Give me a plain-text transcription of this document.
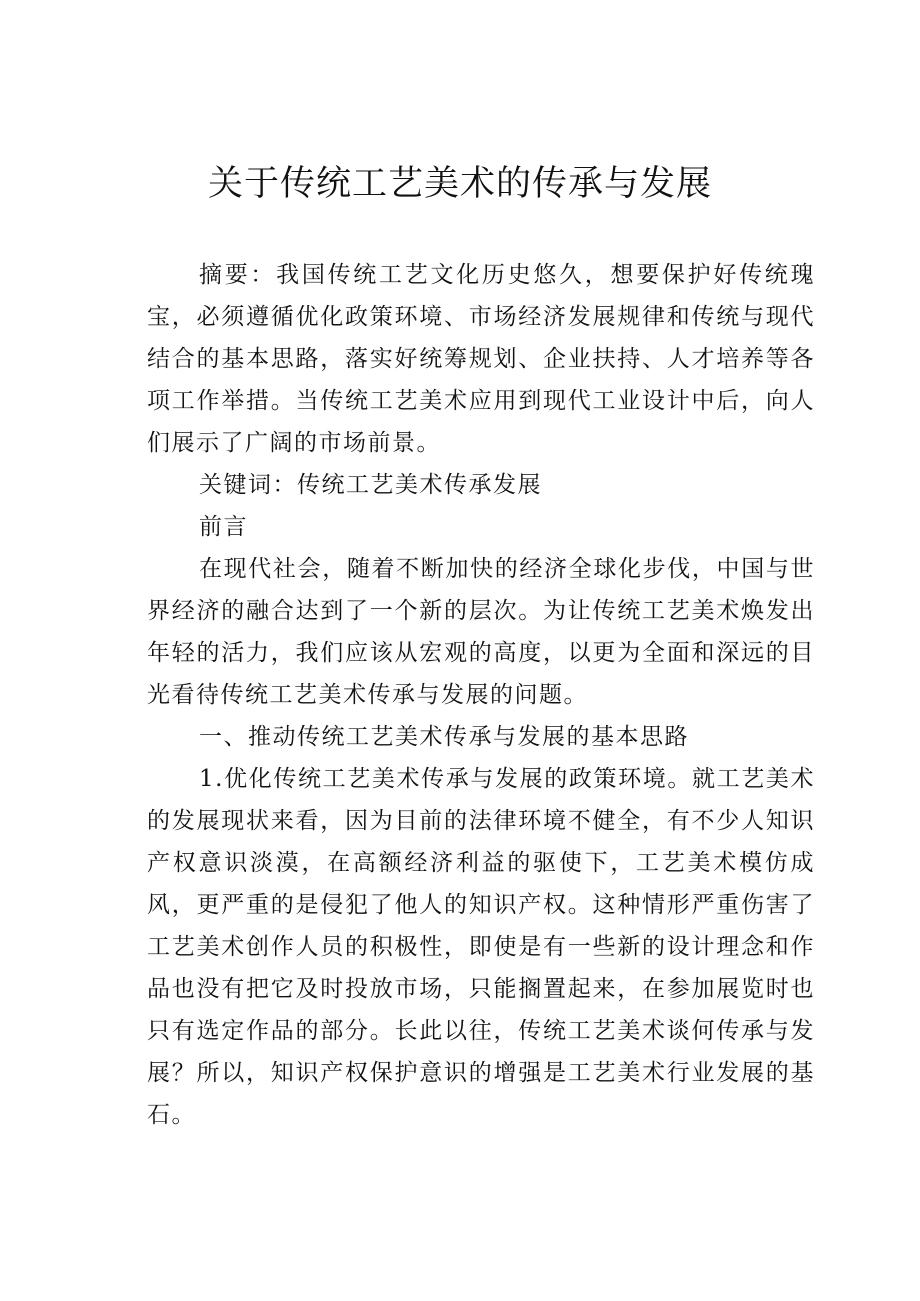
关于传统工艺美术的传承与发展

摘要：我国传统工艺文化历史悠久，想要保护好传统瑰宝，必须遵循优化政策环境、市场经济发展规律和传统与现代结合的基本思路，落实好统筹规划、企业扶持、人才培养等各项工作举措。当传统工艺美术应用到现代工业设计中后，向人们展示了广阔的市场前景。

关键词：传统工艺美术传承发展

前言

在现代社会，随着不断加快的经济全球化步伐，中国与世界经济的融合达到了一个新的层次。为让传统工艺美术焕发出年轻的活力，我们应该从宏观的高度，以更为全面和深远的目光看待传统工艺美术传承与发展的问题。

一、推动传统工艺美术传承与发展的基本思路

1.优化传统工艺美术传承与发展的政策环境。就工艺美术的发展现状来看，因为目前的法律环境不健全，有不少人知识产权意识淡漠，在高额经济利益的驱使下，工艺美术模仿成风，更严重的是侵犯了他人的知识产权。这种情形严重伤害了工艺美术创作人员的积极性，即使是有一些新的设计理念和作品也没有把它及时投放市场，只能搁置起来，在参加展览时也只有选定作品的部分。长此以往，传统工艺美术谈何传承与发展？所以，知识产权保护意识的增强是工艺美术行业发展的基石。
